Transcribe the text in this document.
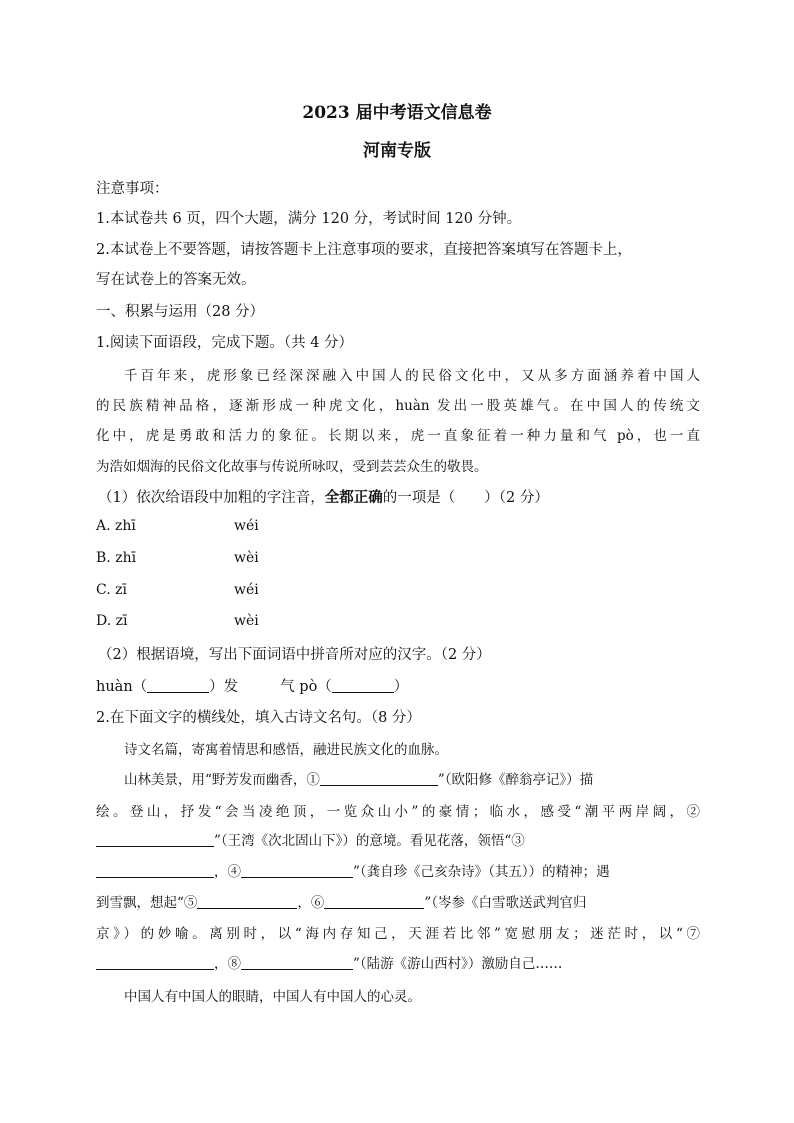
2023 届中考语文信息卷
河南专版
注意事项：
1.本试卷共 6 页，四个大题，满分 120 分，考试时间 120 分钟。
2.本试卷上不要答题，请按答题卡上注意事项的要求，直接把答案填写在答题卡上，
写在试卷上的答案无效。
一、积累与运用（28 分）
1.阅读下面语段，完成下题。（共 4 分）
千百年来，虎形象已经深深融入中国人的民俗文化中，又从多方面涵养着中国人
的民族精神品格，逐渐形成一种虎文化，huàn 发出一股英雄气。在中国人的传统文
化中，虎是勇敢和活力的象征。长期以来，虎一直象征着一种力量和气 pò，也一直
为浩如烟海的民俗文化故事与传说所咏叹，受到芸芸众生的敬畏。
（1）依次给语段中加粗的字注音，全都正确的一项是（　　）（2 分）
A. zhī	wéi
B. zhī	wèi
C. zī	wéi
D. zī	wèi
（2）根据语境，写出下面词语中拼音所对应的汉字。（2 分）
huàn（	）发	气 pò（	）
2.在下面文字的横线处，填入古诗文名句。（8 分）
诗文名篇，寄寓着情思和感悟，融进民族文化的血脉。
山林美景，用“野芳发而幽香，①	”（欧阳修《醉翁亭记》）描
绘。登山，抒发“会当凌绝顶，一览众山小”的豪情；临水，感受“潮平两岸阔，②
”（王湾《次北固山下》）的意境。看见花落，领悟“③
，④	”（龚自珍《己亥杂诗》（其五））的精神；遇
到雪飘，想起“⑤	，⑥	”（岑参《白雪歌送武判官归
京》）的妙喻。离别时，以“海内存知己，天涯若比邻”宽慰朋友；迷茫时，以“⑦
，⑧	”（陆游《游山西村》）激励自己……
中国人有中国人的眼睛，中国人有中国人的心灵。
